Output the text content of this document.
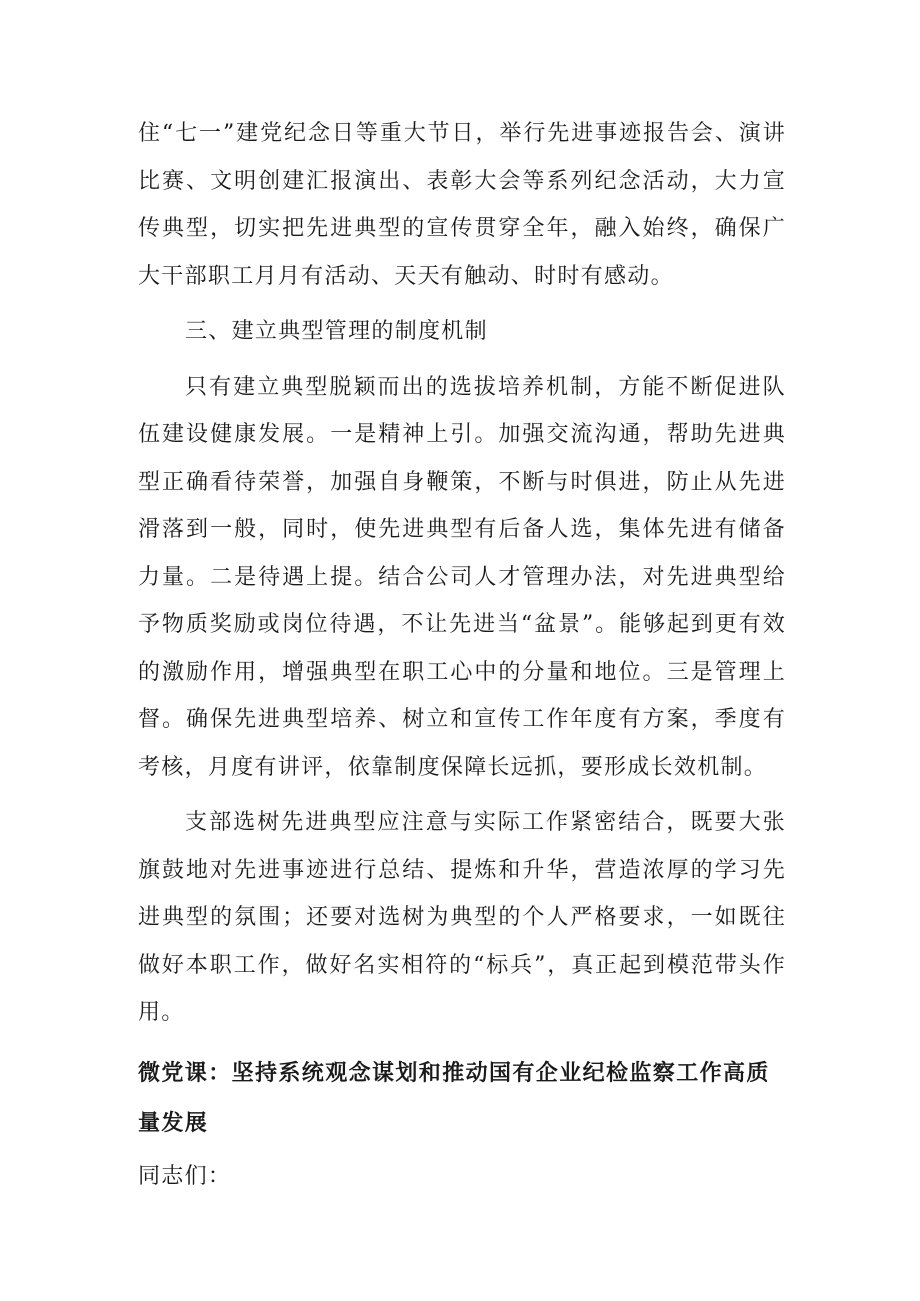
住“七一”建党纪念日等重大节日，举行先进事迹报告会、演讲比赛、文明创建汇报演出、表彰大会等系列纪念活动，大力宣传典型，切实把先进典型的宣传贯穿全年，融入始终，确保广大干部职工月月有活动、天天有触动、时时有感动。

三、建立典型管理的制度机制

只有建立典型脱颖而出的选拔培养机制，方能不断促进队伍建设健康发展。一是精神上引。加强交流沟通，帮助先进典型正确看待荣誉，加强自身鞭策，不断与时俱进，防止从先进滑落到一般，同时，使先进典型有后备人选，集体先进有储备力量。二是待遇上提。结合公司人才管理办法，对先进典型给予物质奖励或岗位待遇，不让先进当“盆景”。能够起到更有效的激励作用，增强典型在职工心中的分量和地位。三是管理上督。确保先进典型培养、树立和宣传工作年度有方案，季度有考核，月度有讲评，依靠制度保障长远抓，要形成长效机制。

支部选树先进典型应注意与实际工作紧密结合，既要大张旗鼓地对先进事迹进行总结、提炼和升华，营造浓厚的学习先进典型的氛围；还要对选树为典型的个人严格要求，一如既往做好本职工作，做好名实相符的“标兵”，真正起到模范带头作用。

微党课：坚持系统观念谋划和推动国有企业纪检监察工作高质量发展

同志们：
